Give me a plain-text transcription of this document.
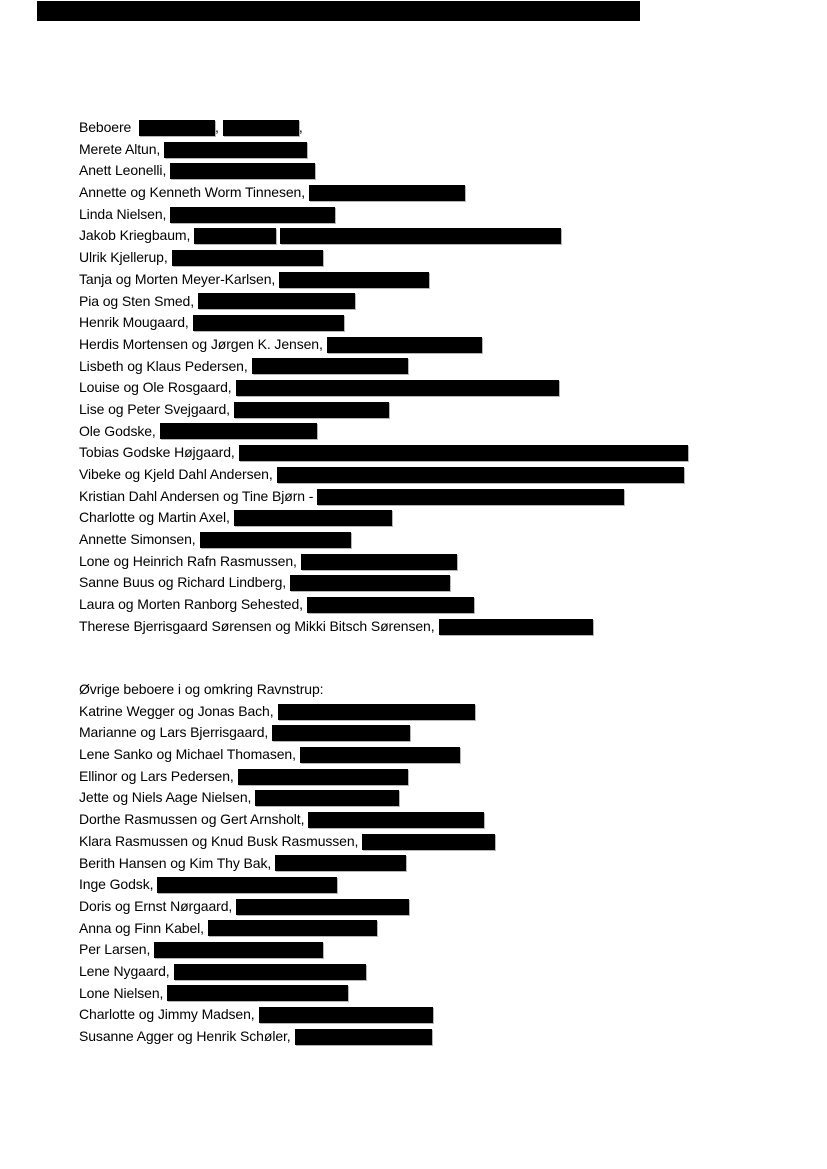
Beboere	,	,
Merete Altun,
Anett Leonelli,
Annette og Kenneth Worm Tinnesen,
Linda Nielsen,
Jakob Kriegbaum,
Ulrik Kjellerup,
Tanja og Morten Meyer-Karlsen,
Pia og Sten Smed,
Henrik Mougaard,
Herdis Mortensen og Jørgen K. Jensen,
Lisbeth og Klaus Pedersen,
Louise og Ole Rosgaard,
Lise og Peter Svejgaard,
Ole Godske,
Tobias Godske Højgaard,
Vibeke og Kjeld Dahl Andersen,
Kristian Dahl Andersen og Tine Bjørn -
Charlotte og Martin Axel,
Annette Simonsen,
Lone og Heinrich Rafn Rasmussen,
Sanne Buus og Richard Lindberg,
Laura og Morten Ranborg Sehested,
Therese Bjerrisgaard Sørensen og Mikki Bitsch Sørensen,
Øvrige beboere i og omkring Ravnstrup:
Katrine Wegger og Jonas Bach,
Marianne og Lars Bjerrisgaard,
Lene Sanko og Michael Thomasen,
Ellinor og Lars Pedersen,
Jette og Niels Aage Nielsen,
Dorthe Rasmussen og Gert Arnsholt,
Klara Rasmussen og Knud Busk Rasmussen,
Berith Hansen og Kim Thy Bak,
Inge Godsk,
Doris og Ernst Nørgaard,
Anna og Finn Kabel,
Per Larsen,
Lene Nygaard,
Lone Nielsen,
Charlotte og Jimmy Madsen,
Susanne Agger og Henrik Schøler,
